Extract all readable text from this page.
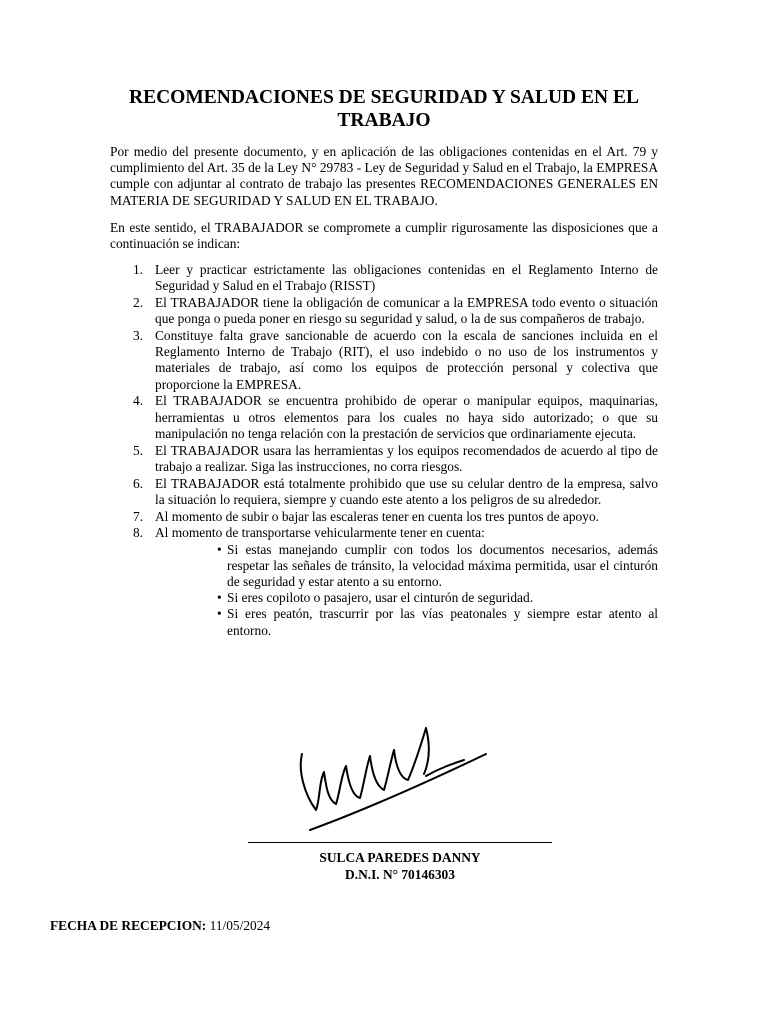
RECOMENDACIONES DE SEGURIDAD Y SALUD EN EL TRABAJO

Por medio del presente documento, y en aplicación de las obligaciones contenidas en el Art. 79 y cumplimiento del Art. 35 de la Ley N° 29783 - Ley de Seguridad y Salud en el Trabajo, la EMPRESA cumple con adjuntar al contrato de trabajo las presentes RECOMENDACIONES GENERALES EN MATERIA DE SEGURIDAD Y SALUD EN EL TRABAJO.

En este sentido, el TRABAJADOR se compromete a cumplir rigurosamente las disposiciones que a continuación se indican:

1. Leer y practicar estrictamente las obligaciones contenidas en el Reglamento Interno de Seguridad y Salud en el Trabajo (RISST)
2. El TRABAJADOR tiene la obligación de comunicar a la EMPRESA todo evento o situación que ponga o pueda poner en riesgo su seguridad y salud, o la de sus compañeros de trabajo.
3. Constituye falta grave sancionable de acuerdo con la escala de sanciones incluida en el Reglamento Interno de Trabajo (RIT), el uso indebido o no uso de los instrumentos y materiales de trabajo, así como los equipos de protección personal y colectiva que proporcione la EMPRESA.
4. El TRABAJADOR se encuentra prohibido de operar o manipular equipos, maquinarias, herramientas u otros elementos para los cuales no haya sido autorizado; o que su manipulación no tenga relación con la prestación de servicios que ordinariamente ejecuta.
5. El TRABAJADOR usara las herramientas y los equipos recomendados de acuerdo al tipo de trabajo a realizar. Siga las instrucciones, no corra riesgos.
6. El TRABAJADOR está totalmente prohibido que use su celular dentro de la empresa, salvo la situación lo requiera, siempre y cuando este atento a los peligros de su alrededor.
7. Al momento de subir o bajar las escaleras tener en cuenta los tres puntos de apoyo.
8. Al momento de transportarse vehicularmente tener en cuenta:
• Si estas manejando cumplir con todos los documentos necesarios, además respetar las señales de tránsito, la velocidad máxima permitida, usar el cinturón de seguridad y estar atento a su entorno.
• Si eres copiloto o pasajero, usar el cinturón de seguridad.
• Si eres peatón, trascurrir por las vías peatonales y siempre estar atento al entorno.
SULCA PAREDES DANNY
D.N.I. N° 70146303
FECHA DE RECEPCION: 11/05/2024
